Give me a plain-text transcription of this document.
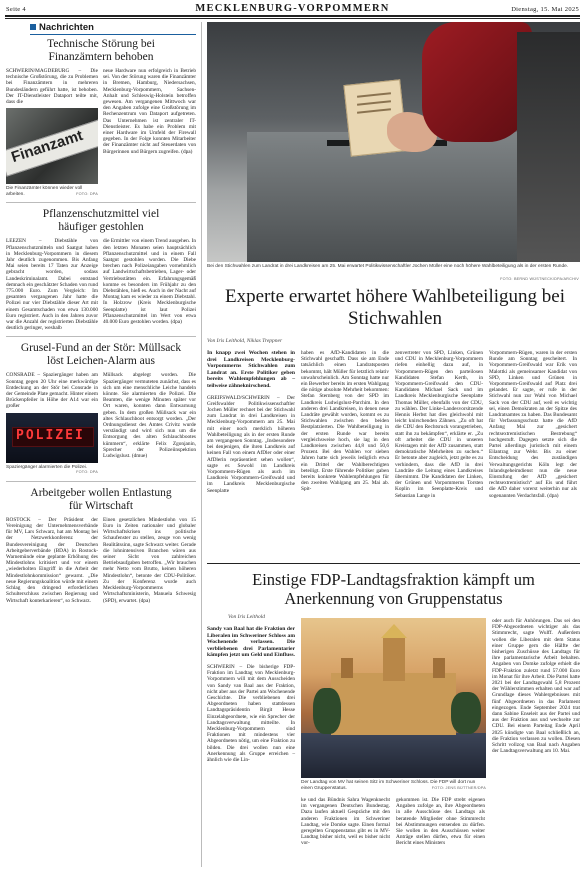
Seite 4	MECKLENBURG-VORPOMMERN	Dienstag, 15. Mai 2025
Nachrichten
Technische Störung bei Finanzämtern behoben

SCHWERIN/MAGDEBURG – Die technische Großstörung, die zu Problemen bei Finanzämtern in mehreren Bundesländern geführt hatte, ist behoben. Der IT-Dienstleister Dataport teilte mit, dass die

Finanzamt
Die Finanzämter können wieder voll arbeiten.	FOTO: DPA

neue Hardware nun erfolgreich in Betrieb sei. Von der Störung waren die Finanzämter in Bremen, Hamburg, Niedersachsen, Mecklenburg-Vorpommern, Sachsen-Anhalt und Schleswig-Holstein betroffen gewesen. Am vergangenen Mittwoch war den Angaben zufolge eine Großstörung im Rechenzentrum von Dataport aufgetreten. Das Unternehmen ist zentraler IT-Dienstleister. Es habe ein Problem mit einer Hardware im Umfeld der Firewall gegeben. In der Folge konnten Mitarbeiter der Finanzämter nicht auf Steuerdaten von Bürgerinnen und Bürgern zugreifen. (dpa)

Pflanzenschutzmittel viel häufiger gestohlen

LEEZEN – Diebstähle von Pflanzenschutzmitteln und Saatgut haben in Mecklenburg-Vorpommern in diesem Jahr deutlich zugenommen. Bis Anfang Mai seien bereits 17 Taten zur Anzeige gebracht worden, sodass Landeskriminalamt. Dabei entstand demnach ein geschätzter Schaden von rund 775.000 Euro. Zum Vergleich: Im gesamten vergangenen Jahr hatte die Polizei nur vier Diebstähle dieser Art mit einem Gesamtschaden von etwa 130.000 Euro registriert. Auch in den Jahren zuvor war die Anzahl der registrierten Diebstähle deutlich geringer, weshalb

die Ermittler von einem Trend ausgehen. In den letzten Monaten seien hauptsächlich Pflanzenschutzmittel und in einem Fall Saatgut gestohlen worden. Die Diebe brechen nach Polizeiangaben vornehmlich auf Landwirtschaftsbetrieben, Lager- oder Vertriebsstätten ein. Erfahrungsgemäß komme es besonders im Frühjahr zu den Diebstählen, hieß es. Auch in der Nacht auf Montag kam es wieder zu einem Diebstahl. In Holzrow (Kreis Mecklenburgische Seenplatte) ist laut Polizei Pflanzenschutzmittel im Wert von etwa 40.000 Euro gestohlen worden. (dpa)

Grusel-Fund an der Stör: Müllsack löst Leichen-Alarm aus

CONSRADE – Spaziergänger haben am Sonntag gegen 20 Uhr eine merkwürdige Entdeckung an der Stör bei Consrade in der Gemeinde Plate gemacht. Hinter einem Brückenpfeiler in Höhe der A14 war ein großer

POLIZEI
Spaziergänger alarmierten die Polizei.
FOTO: DPA

Müllsack abgelegt worden. Die Spaziergänger vermuteten zunächst, dass es sich um eine menschliche Leiche handeln könnte. Sie alarmierten die Polizei. Die Beamten, die wenige Minuten später vor Ort waren, konnten dann Entwarnung geben. In dem großen Müllsack war ein altes Schlauchboot entsorgt worden. „Der Ordnungsdienst des Amtes Crivitz wurde verständigt und wird sich nun um die Entsorgung des alten Schlauchbootes kümmern“, erklärte Felix Zgonjanin, Sprecher der Polizeiinspektion Ludwigslust. (dmue)

Arbeitgeber wollen Entlastung für Wirtschaft

ROSTOCK – Der Präsident der Vereinigung der Unternehmensverbände für MV, Lars Schwarz, hat am Montag bei der Netzwerkkonferenz der Bundesvereinigung der Deutschen Arbeitgeberverbände (BDA) in Rostock-Warnemünde eine geplante Erhöhung des Mindestlohns kritisiert und vor einem „wiederholten Eingriff in die Arbeit der Mindestlohnkommission“ gewarnt. „Die neue Regierungskoalition würde mit einem Schlag den dringend erforderlichen Schulterschluss zwischen Regierung und Wirtschaft konterkarieren“, so Schwarz.

Einen gesetzlichen Mindestlohn von 15 Euro in Zeiten nationaler und globaler Wirtschaftskrisen ins politische Schaufenster zu stellen, zeuge von wenig Realitätssinn, sagte Schwarz weiter. Gerade die lohnintensiven Branchen wären aus seiner Sicht von zahlreichen Betriebsaufgaben betroffen. „Wir brauchen mehr Netto vom Brutto, keinen höheren Mindestlohn“, betonte der CDU-Politiker. Zu der Konferenz wurde auch Mecklenburg-Vorpommerns Wirtschaftsministerin, Manuela Schwesig (SPD), erwartet. (dpa)

Bei den Stichwahlen zum Landrat in drei Landkreisen am 25. Mai erwartet Politikwissenschaftler Jochen Müller eine noch höhere Wahlbeteiligung als in der ersten Runde.
FOTO: BERND WÜSTNECK/DPA/ARCHIV
Experte erwartet höhere Wahlbeteiligung bei Stichwahlen
Von Iris Leithold, Niklas Treppner

In knapp zwei Wochen stehen in drei Landkreisen Mecklenburg-Vorpommerns Stichwahlen zum Landrat an. Erste Politiker geben bereits Wahlempfehlungen ab – teilweise zähneknirschend.

GREIFSWALD/SCHWERIN – Der Greifswalder Politikwissenschaftler Jochen Müller rechnet bei der Stichwahl zum Landrat in drei Landkreisen in Mecklenburg-Vorpommern am 25. Mai mit einer noch merklich höheren Wahlbeteiligung als in der ersten Runde am vergangenen Sonntag. „Insbesondere bei denjenigen, die ihren Landkreis auf keinen Fall von einem AfDler oder einer AfDlerin repräsentiert sehen wollen“, sagte er. Sowohl im Landkreis Vorpommern-Rügen als auch im Landkreis Vorpommern-Greifswald und im Landkreis Mecklenburgische Seenplatte

haben es AfD-Kandidaten in die Stichwahl geschafft. Dass sie am Ende tatsächlich einen Landratsposten bekommt, hält Müller für letztlich relativ unwahrscheinlich. Am Sonntag hatte nur ein Bewerber bereits im ersten Wahlgang die nötige absolute Mehrheit bekommen: Stefan Sternberg von der SPD im Landkreis Ludwigslust-Parchim. In den anderen drei Landkreisen, in denen neue Landräte gewählt wurden, kommt es zu Stichwahlen zwischen den beiden Bestplatzierten. Die Wahlbeteiligung in der ersten Runde war bereits vergleichsweise hoch, sie lag in den Landkreisen zwischen 44,8 und 50,6 Prozent. Bei den Wahlen vor sieben Jahren hatte sich jeweils lediglich etwa ein Drittel der Wahlberechtigten beteiligt. Erste führende Politiker gaben bereits konkrete Wahlempfehlungen für den zweiten Wahlgang am 25. Mai ab. Spit-

zenvertreter von SPD, Linken, Grünen und CDU in Mecklenburg-Vorpommern riefen einhellig dazu auf, in Vorpommern-Rügen den parteilosen Kandidaten Stefan Kerth, in Vorpommern-Greifswald den CDU-Kandidaten Michael Sack und im Landkreis Mecklenburgische Seenplatte Thomas Müller, ebenfalls von der CDU, zu wählen. Der Linke-Landesvorsitzende Hennis Herbst hat dies gleichwohl mit leicht knirschenden Zähnen. „Zu oft hat die CDU den Rechtsruck vorangetrieben, statt ihn zu bekämpfen“, erklärte er. „Zu oft arbeitet die CDU in unseren Kreistagen mit der AfD zusammen, statt demokratische Mehrheiten zu suchen.“ Er betonte aber zugleich, jetzt gelte es zu verhindern, dass die AfD in drei Landräte die Leitung eines Landkreises übernimmt. Die Kandidaten der Linken, der Grünen und Vorpommerns Torsten Koplin im Seenplatte-Kreis und Sebastian Lange in

Vorpommern-Rügen, waren in der ersten Runde am Sonntag gescheitert. In Vorpommern-Greifswald war Erik von Malottki als gemeinsamer Kandidat von SPD, Linken und Grünen in Vorpommern-Greifswald auf Platz drei gelandet. Er sagte, er rufe in der Stichwahl nun zur Wahl von Michael Sack von der CDU auf, weil es wichtig sei, einen Demokraten an der Spitze des Landratsamtes zu haben. Das Bundesamt für Verfassungsschutz hatte die AfD Anfang Mai zur „gesichert rechtsextremistischen Bestrebung“ hochgestuft. Dagegen setzte sich die Partei allerdings juristisch mit einem Eilantrag zur Wehr. Bis zu einer Entscheidung des zuständigen Verwaltungsgerichts Köln legt der Inlandsgeheimdienst nun die neue Einstufung der AfD „gesichert rechtsextremistisch“ auf Eis und führt die AfD daher vorerst weiterhin nur als sogenannten Verdachtsfall. (dpa)

Einstige FDP-Landtagsfraktion kämpft um Anerkennung von Gruppenstatus
Von Iris Leithold

Sandy van Baal hat die Fraktion der Liberalen im Schweriner Schloss am Wochenende verlassen. Die verbliebenen drei Parlamentarier kämpfen jetzt um Geld und Einfluss.

SCHWERIN – Die bisherige FDP-Fraktion im Landtag von Mecklenburg-Vorpommern will mit dem Ausscheiden von Sandy van Baal aus der Fraktion, nicht aber aus der Partei am Wochenende Geschichte. Die verbliebenen drei Abgeordneten haben stattdessen Landtagspräsidentin Birgit Hesse Einzelabgeordnete, wie ein Sprecher der Landtagsverwaltung mitteilte. In Mecklenburg-Vorpommern sind Fraktionen mit mindestens vier Abgeordneten nötig, um eine Fraktion zu bilden. Die drei wollen nun eine Anerkennung als Gruppe erreichen – ähnlich wie die Lin-

Der Landtag von MV hat seinen Sitz im Schweriner Schloss. Die FDP will dort nun einen Gruppenstatus.	FOTO: JENS BÜTTNER/DPA

ke und das Bündnis Sahra Wagenknecht im vergangenen Deutschen Bundestag. Dazu laufen aktuell Gespräche mit den anderen Fraktionen im Schweriner Landtag, wie Domke sagte. Einen formal geregelten Gruppenstatus gibt es in MV-Landtag bisher nicht, weil es bisher nicht vor-

gekommen ist. Die FDP strebt eigenen Angaben zufolge an, ihre Abgeordneten in alle Ausschüsse des Landtags als beratende Mitglieder ohne Stimmrecht bei Abstimmungen entsenden zu dürfen. Sie wollen in den Ausschüssen weiter Anträge stellen dürfen, etwa für einen Bericht eines Ministers

oder auch für Anhörungen. Das sei den FDP-Abgeordneten wichtiger als das Stimmrecht, sagte Wulff. Außerdem wollen die Liberalen mit dem Status einer Gruppe gern die Hälfte der bisherigen Zuschüsse des Landtags für ihre parlamentarische Arbeit behalten. Angaben von Domke zufolge erhielt die FDP-Fraktion zuletzt rund 57.000 Euro im Monat für ihre Arbeit. Die Partei hatte 2021 bei der Landtagswahl 5,8 Prozent der Wählerstimmen erhalten und war auf Grundlage dieses Wahlergebnisses mit fünf Abgeordneten in das Parlament eingezogen. Ende September 2024 trat dann Sabine Enseleit aus der Partei und aus der Fraktion aus und wechselte zur CDU. Bei einem Parteitag Ende April 2025 kündigte van Baal schließlich an, die Fraktion verlassen zu wollen. Diesen Schritt vollzog van Baal nach Angaben der Landtagsverwaltung am 10. Mai.
